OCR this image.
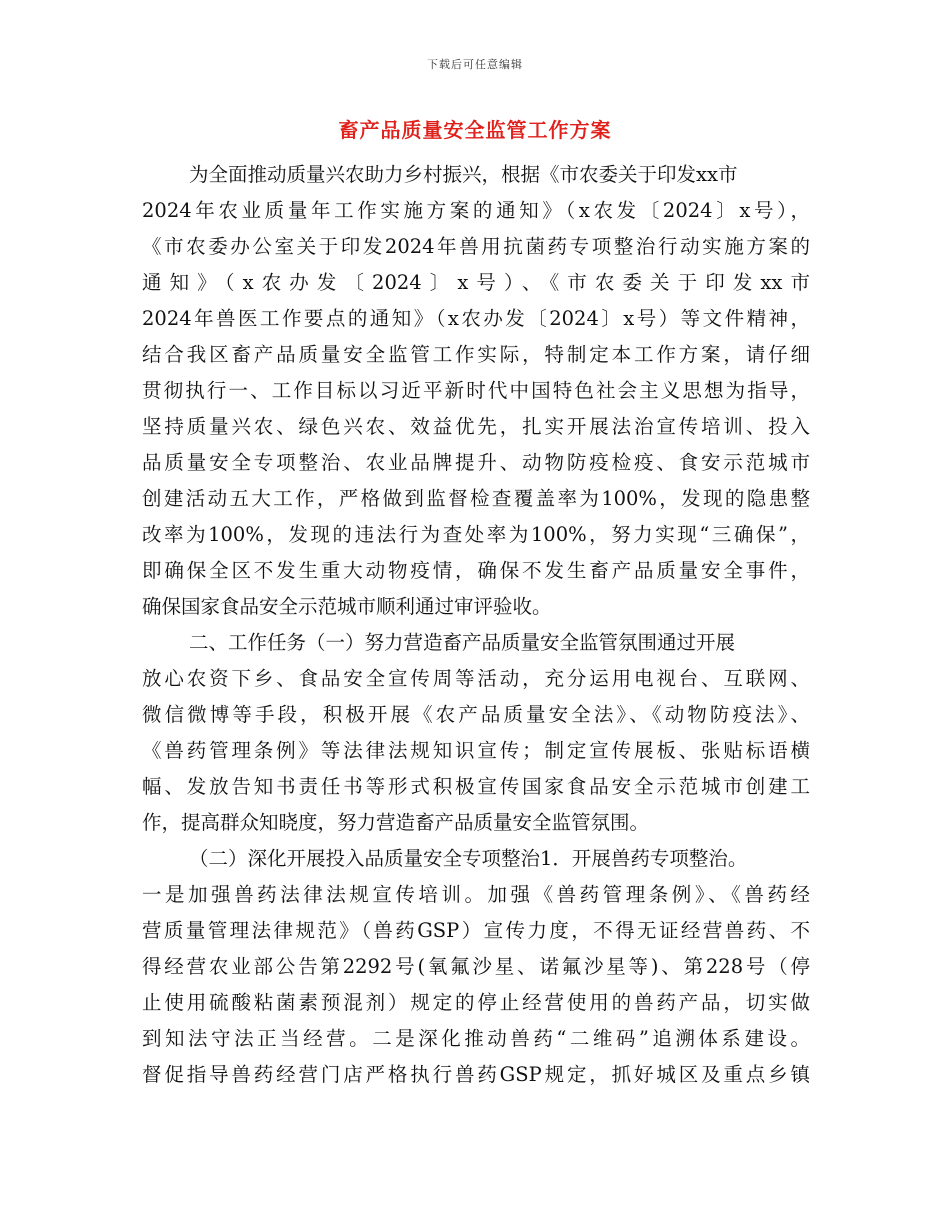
下载后可任意编辑
畜产品质量安全监管工作方案
为全面推动质量兴农助力乡村振兴，根据《市农委关于印发xx市
2024年农业质量年工作实施方案的通知》（x农发〔2024〕x号），
《市农委办公室关于印发2024年兽用抗菌药专项整治行动实施方案的
通知》（x农办发〔2024〕x号）、《市农委关于印发xx市
2024年兽医工作要点的通知》（x农办发〔2024〕x号）等文件精神，
结合我区畜产品质量安全监管工作实际，特制定本工作方案，请仔细
贯彻执行一、工作目标以习近平新时代中国特色社会主义思想为指导，
坚持质量兴农、绿色兴农、效益优先，扎实开展法治宣传培训、投入
品质量安全专项整治、农业品牌提升、动物防疫检疫、食安示范城市
创建活动五大工作，严格做到监督检查覆盖率为100%，发现的隐患整
改率为100%，发现的违法行为查处率为100%，努力实现“三确保”，
即确保全区不发生重大动物疫情，确保不发生畜产品质量安全事件，
确保国家食品安全示范城市顺利通过审评验收。
二、工作任务（一）努力营造畜产品质量安全监管氛围通过开展
放心农资下乡、食品安全宣传周等活动，充分运用电视台、互联网、
微信微博等手段，积极开展《农产品质量安全法》、《动物防疫法》、
《兽药管理条例》等法律法规知识宣传；制定宣传展板、张贴标语横
幅、发放告知书责任书等形式积极宣传国家食品安全示范城市创建工
作，提高群众知晓度，努力营造畜产品质量安全监管氛围。
（二）深化开展投入品质量安全专项整治1．开展兽药专项整治。
一是加强兽药法律法规宣传培训。加强《兽药管理条例》、《兽药经
营质量管理法律规范》（兽药GSP）宣传力度，不得无证经营兽药、不
得经营农业部公告第2292号(氧氟沙星、诺氟沙星等)、第228号（停
止使用硫酸粘菌素预混剂）规定的停止经营使用的兽药产品，切实做
到知法守法正当经营。二是深化推动兽药“二维码”追溯体系建设。
督促指导兽药经营门店严格执行兽药GSP规定，抓好城区及重点乡镇
